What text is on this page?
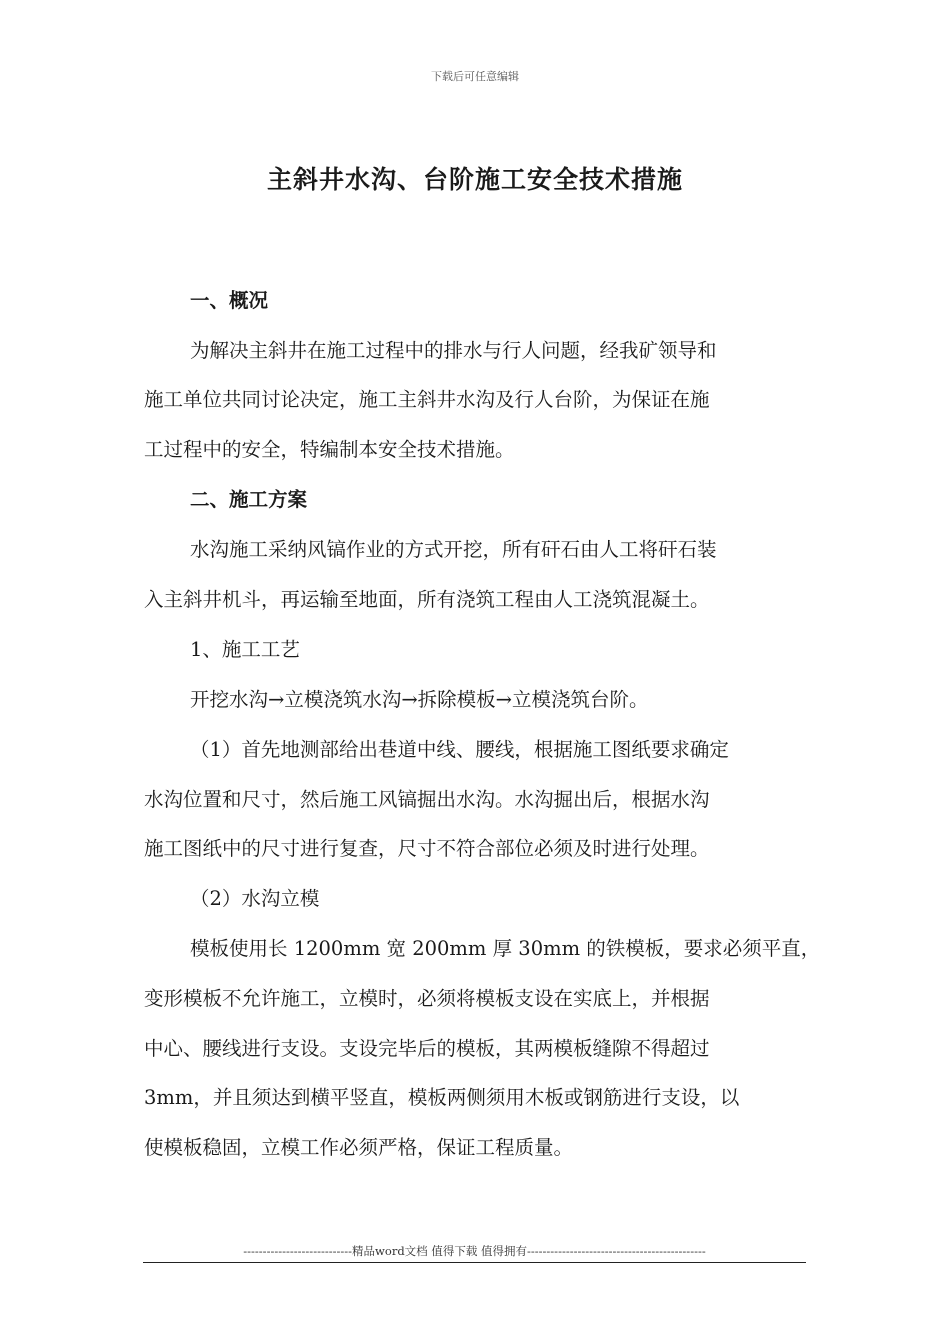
下载后可任意编辑
主斜井水沟、台阶施工安全技术措施
一、概况
为解决主斜井在施工过程中的排水与行人问题，经我矿领导和
施工单位共同讨论决定，施工主斜井水沟及行人台阶，为保证在施
工过程中的安全，特编制本安全技术措施。
二、施工方案
水沟施工采纳风镐作业的方式开挖，所有矸石由人工将矸石装
入主斜井机斗，再运输至地面，所有浇筑工程由人工浇筑混凝土。
1、施工工艺
开挖水沟→立模浇筑水沟→拆除模板→立模浇筑台阶。
（1）首先地测部给出巷道中线、腰线，根据施工图纸要求确定
水沟位置和尺寸，然后施工风镐掘出水沟。水沟掘出后，根据水沟
施工图纸中的尺寸进行复查，尺寸不符合部位必须及时进行处理。
（2）水沟立模
模板使用长 1200mm 宽 200mm 厚 30mm 的铁模板，要求必须平直，
变形模板不允许施工，立模时，必须将模板支设在实底上，并根据
中心、腰线进行支设。支设完毕后的模板，其两模板缝隙不得超过
3mm，并且须达到横平竖直，模板两侧须用木板或钢筋进行支设，以
使模板稳固，立模工作必须严格，保证工程质量。
----------------------------精品word文档 值得下载 值得拥有----------------------------------------------
